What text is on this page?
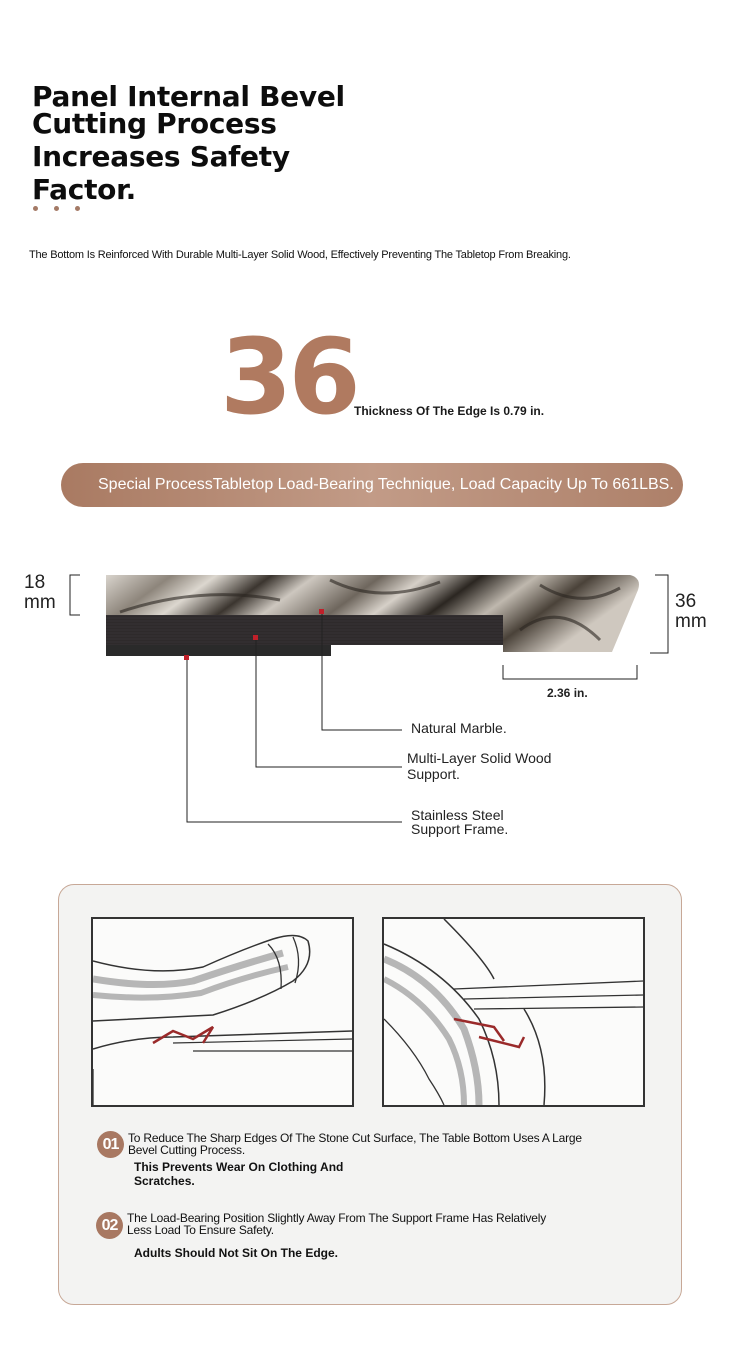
Panel Internal Bevel
Cutting Process
Increases Safety
Factor.
The Bottom Is Reinforced With Durable Multi-Layer Solid Wood, Effectively Preventing The Tabletop From Breaking.
36
Thickness Of The Edge Is 0.79 in.
Special ProcessTabletop Load-Bearing Technique, Load Capacity Up To 661LBS.
18
mm	36
mm
2.36 in.
Natural Marble.
Multi-Layer Solid Wood
Support.
Stainless Steel
Support Frame.
01 To Reduce The Sharp Edges Of The Stone Cut Surface, The Table Bottom Uses A Large
Bevel Cutting Process.
This Prevents Wear On Clothing And
Scratches.
02 The Load-Bearing Position Slightly Away From The Support Frame Has Relatively
Less Load To Ensure Safety.
Adults Should Not Sit On The Edge.
